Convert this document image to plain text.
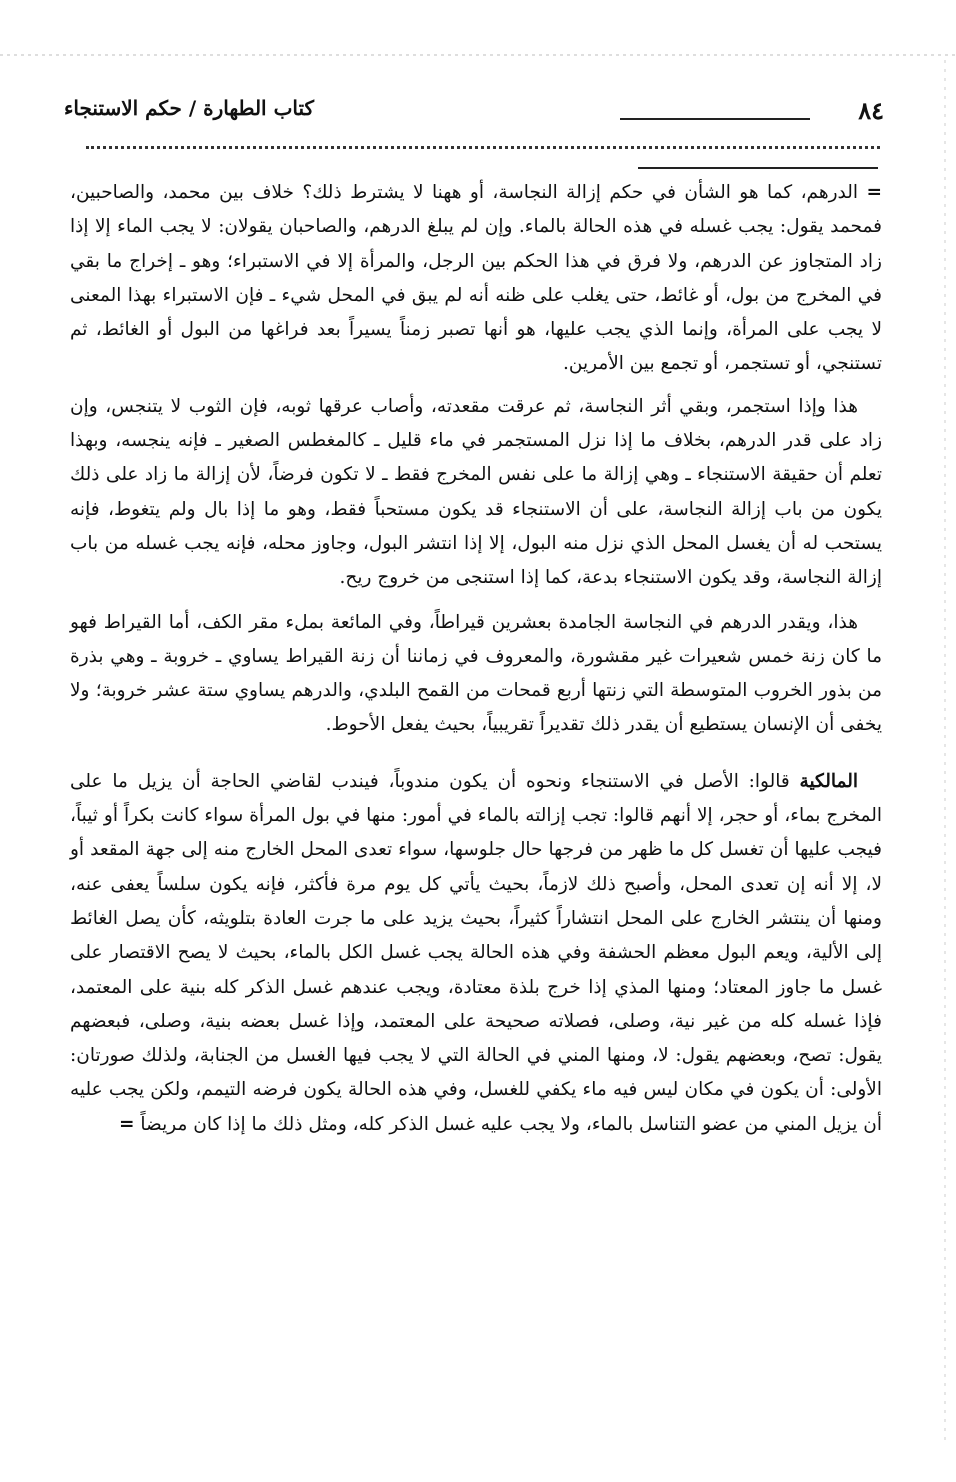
٨٤
كتاب الطهارة / حكم الاستنجاء

= الدرهم، كما هو الشأن في حكم إزالة النجاسة، أو ههنا لا يشترط ذلك؟ خلاف بين محمد، والصاحبين، فمحمد يقول: يجب غسله في هذه الحالة بالماء. وإن لم يبلغ الدرهم، والصاحبان يقولان: لا يجب الماء إلا إذا زاد المتجاوز عن الدرهم، ولا فرق في هذا الحكم بين الرجل، والمرأة إلا في الاستبراء؛ وهو ـ إخراج ما بقي في المخرج من بول، أو غائط، حتى يغلب على ظنه أنه لم يبق في المحل شيء ـ فإن الاستبراء بهذا المعنى لا يجب على المرأة، وإنما الذي يجب عليها، هو أنها تصبر زمناً يسيراً بعد فراغها من البول أو الغائط، ثم تستنجي، أو تستجمر، أو تجمع بين الأمرين.

هذا وإذا استجمر، وبقي أثر النجاسة، ثم عرقت مقعدته، وأصاب عرقها ثوبه، فإن الثوب لا يتنجس، وإن زاد على قدر الدرهم، بخلاف ما إذا نزل المستجمر في ماء قليل ـ كالمغطس الصغير ـ فإنه ينجسه، وبهذا تعلم أن حقيقة الاستنجاء ـ وهي إزالة ما على نفس المخرج فقط ـ لا تكون فرضاً، لأن إزالة ما زاد على ذلك يكون من باب إزالة النجاسة، على أن الاستنجاء قد يكون مستحباً فقط، وهو ما إذا بال ولم يتغوط، فإنه يستحب له أن يغسل المحل الذي نزل منه البول، إلا إذا انتشر البول، وجاوز محله، فإنه يجب غسله من باب إزالة النجاسة، وقد يكون الاستنجاء بدعة، كما إذا استنجى من خروج ريح.

هذا، ويقدر الدرهم في النجاسة الجامدة بعشرين قيراطاً، وفي المائعة بملء مقر الكف، أما القيراط فهو ما كان زنة خمس شعيرات غير مقشورة، والمعروف في زماننا أن زنة القيراط يساوي ـ خروبة ـ وهي بذرة من بذور الخروب المتوسطة التي زنتها أربع قمحات من القمح البلدي، والدرهم يساوي ستة عشر خروبة؛ ولا يخفى أن الإنسان يستطيع أن يقدر ذلك تقديراً تقريبياً، بحيث يفعل الأحوط.

المالكية قالوا: الأصل في الاستنجاء ونحوه أن يكون مندوباً، فيندب لقاضي الحاجة أن يزيل ما على المخرج بماء، أو حجر، إلا أنهم قالوا: تجب إزالته بالماء في أمور: منها في بول المرأة سواء كانت بكراً أو ثيباً، فيجب عليها أن تغسل كل ما ظهر من فرجها حال جلوسها، سواء تعدى المحل الخارج منه إلى جهة المقعد أو لا، إلا أنه إن تعدى المحل، وأصبح ذلك لازماً، بحيث يأتي كل يوم مرة فأكثر، فإنه يكون سلساً يعفى عنه، ومنها أن ينتشر الخارج على المحل انتشاراً كثيراً، بحيث يزيد على ما جرت العادة بتلويثه، كأن يصل الغائط إلى الألية، ويعم البول معظم الحشفة وفي هذه الحالة يجب غسل الكل بالماء، بحيث لا يصح الاقتصار على غسل ما جاوز المعتاد؛ ومنها المذي إذا خرج بلذة معتادة، ويجب عندهم غسل الذكر كله بنية على المعتمد، فإذا غسله كله من غير نية، وصلى، فصلاته صحيحة على المعتمد، وإذا غسل بعضه بنية، وصلى، فبعضهم يقول: تصح، وبعضهم يقول: لا، ومنها المني في الحالة التي لا يجب فيها الغسل من الجنابة، ولذلك صورتان: الأولى: أن يكون في مكان ليس فيه ماء يكفي للغسل، وفي هذه الحالة يكون فرضه التيمم، ولكن يجب عليه أن يزيل المني من عضو التناسل بالماء، ولا يجب عليه غسل الذكر كله، ومثل ذلك ما إذا كان مريضاً =
